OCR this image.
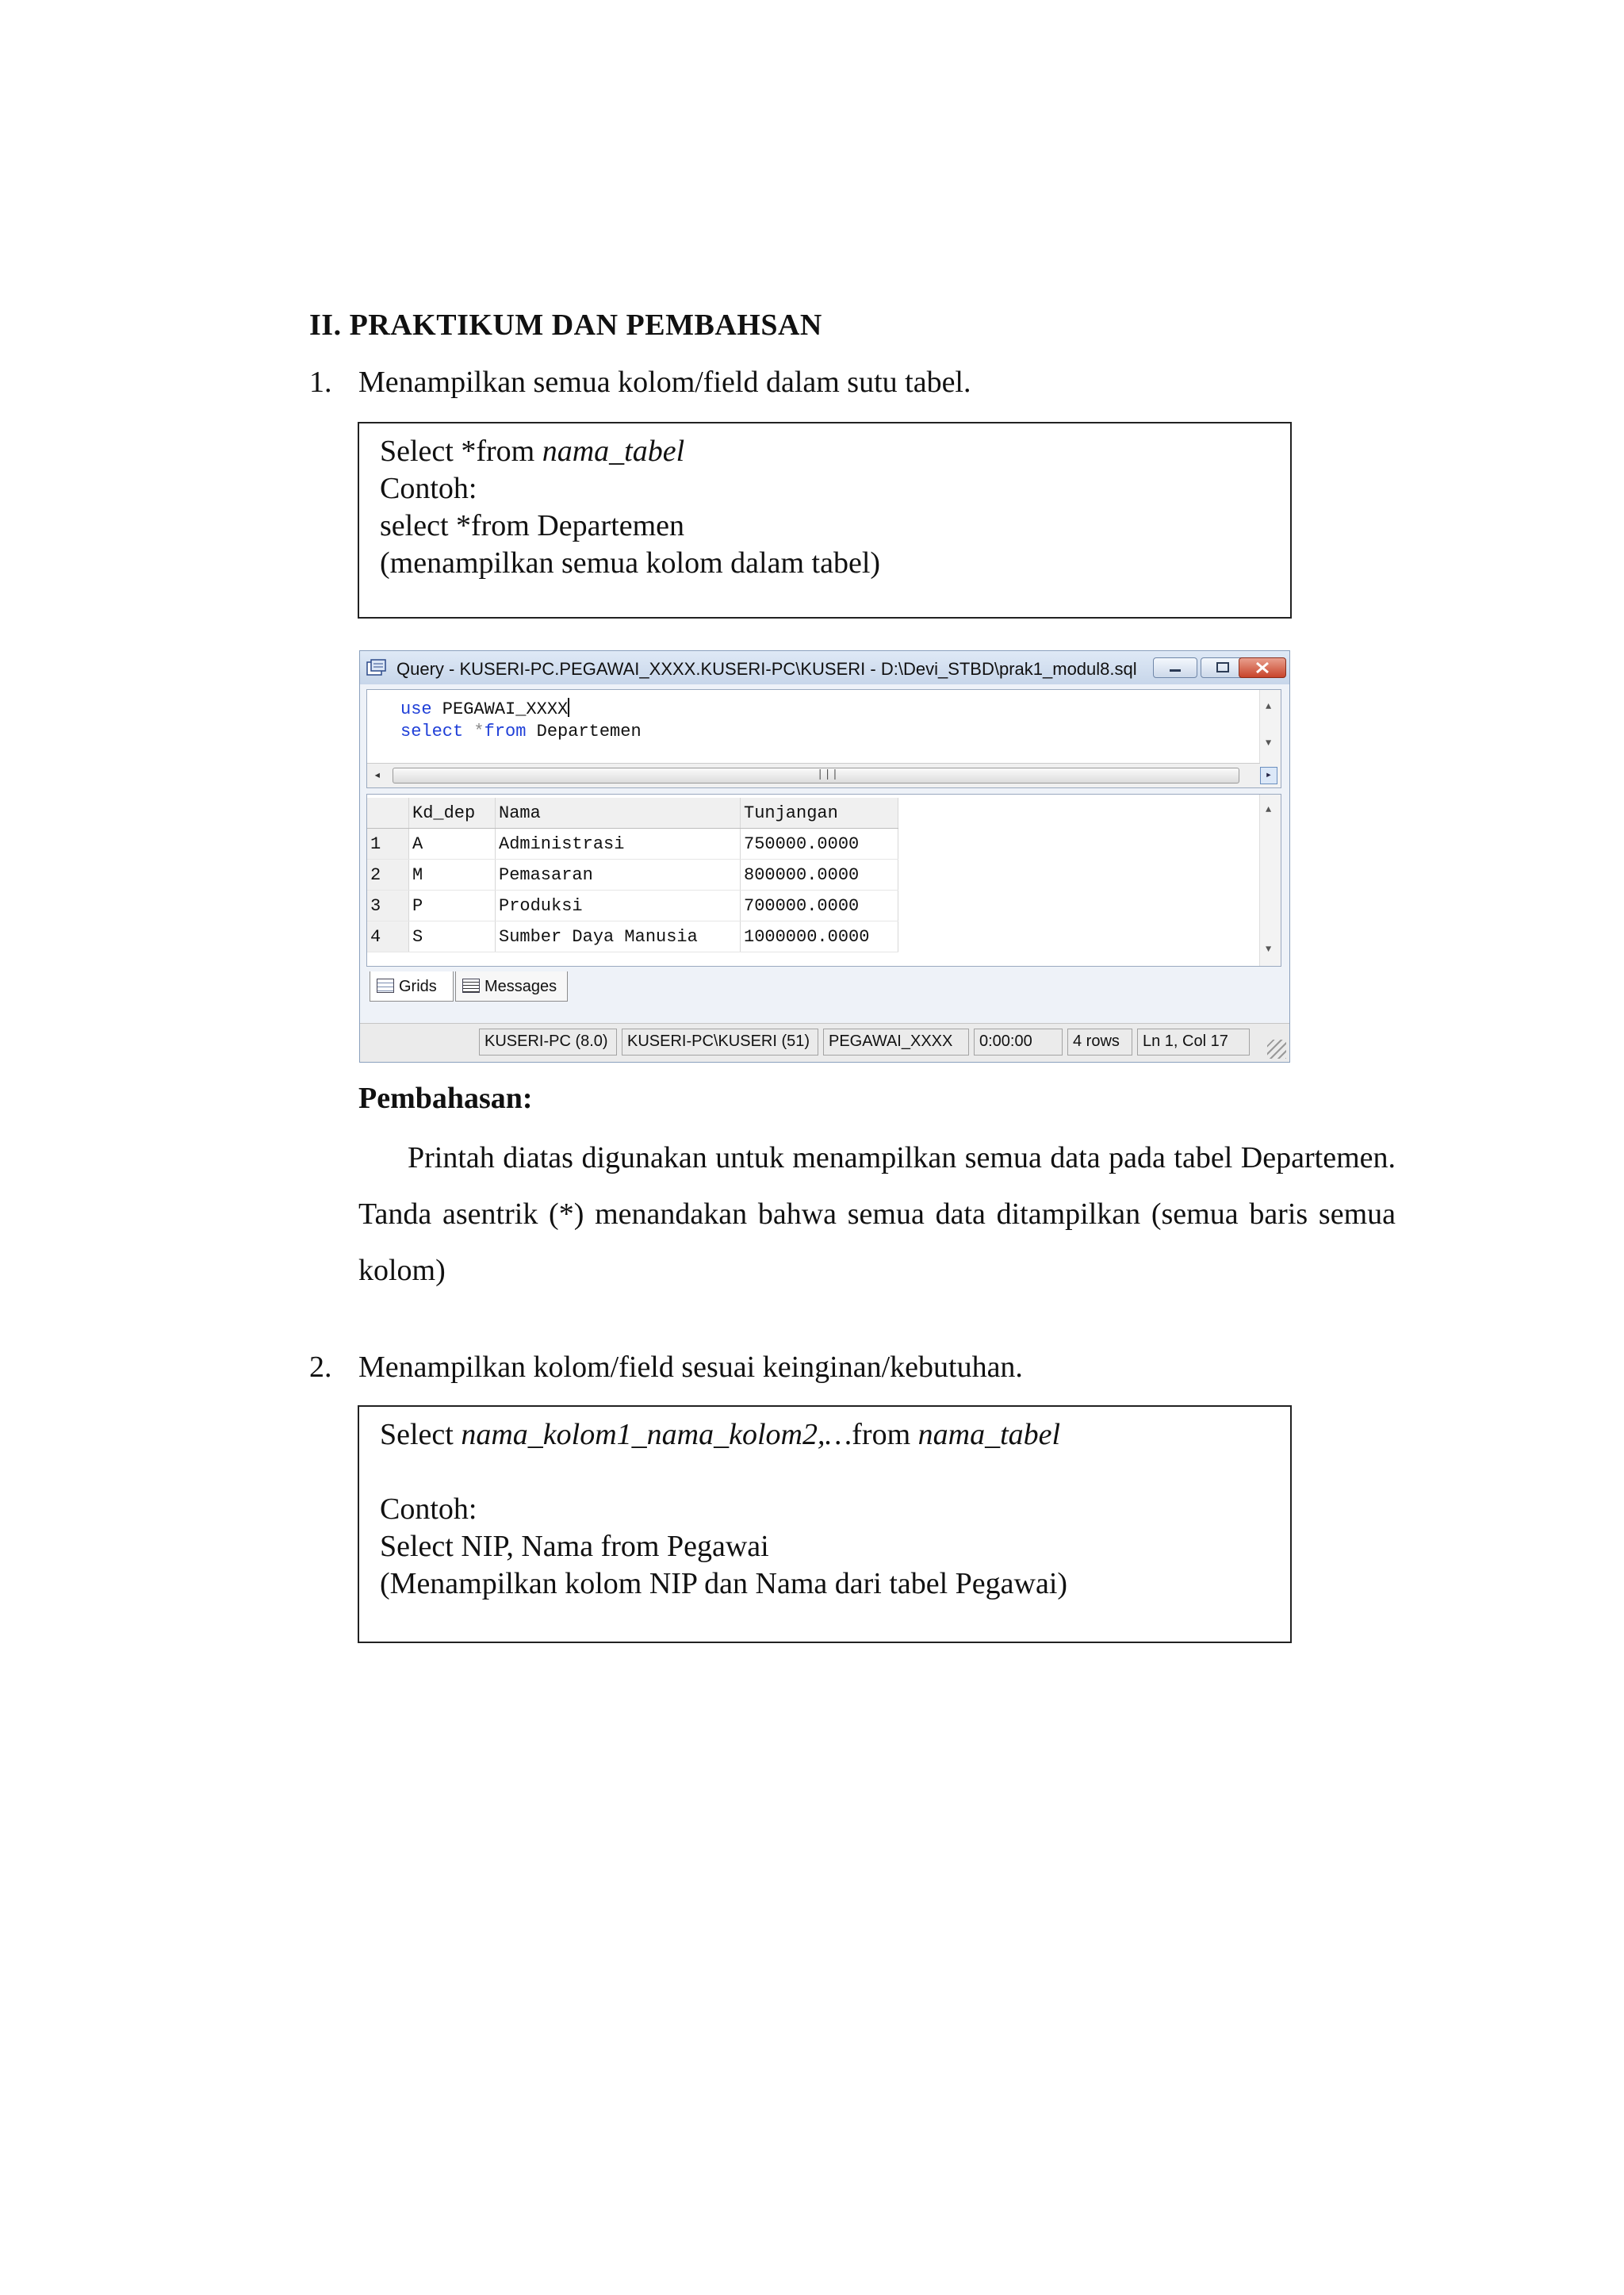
II. PRAKTIKUM DAN PEMBAHSAN
1. Menampilkan semua kolom/field dalam sutu tabel.
Select *from nama_tabel
Contoh:
select *from Departemen
(menampilkan semua kolom dalam tabel)
Query - KUSERI-PC.PEGAWAI_XXXX.KUSERI-PC\KUSERI - D:\Devi_STBD\prak1_modul8.sql
use PEGAWAI_XXXX
select *from Departemen
▲
▼
◂	|||	▸
	Kd_dep	Nama	Tunjangan
1	A	Administrasi	750000.0000
2	M	Pemasaran	800000.0000
3	P	Produksi	700000.0000
4	S	Sumber Daya Manusia	1000000.0000
▲
▼
Grids	Messages
KUSERI-PC (8.0)	KUSERI-PC\KUSERI (51)	PEGAWAI_XXXX	0:00:00	4 rows	Ln 1, Col 17
Pembahasan:
Printah diatas digunakan untuk menampilkan semua data pada tabel Departemen. Tanda asentrik (*) menandakan bahwa semua data ditampilkan (semua baris semua kolom)
2. Menampilkan kolom/field sesuai keinginan/kebutuhan.
Select nama_kolom1_nama_kolom2,…from nama_tabel
Contoh:
Select NIP, Nama from Pegawai
(Menampilkan kolom NIP dan Nama dari tabel Pegawai)
